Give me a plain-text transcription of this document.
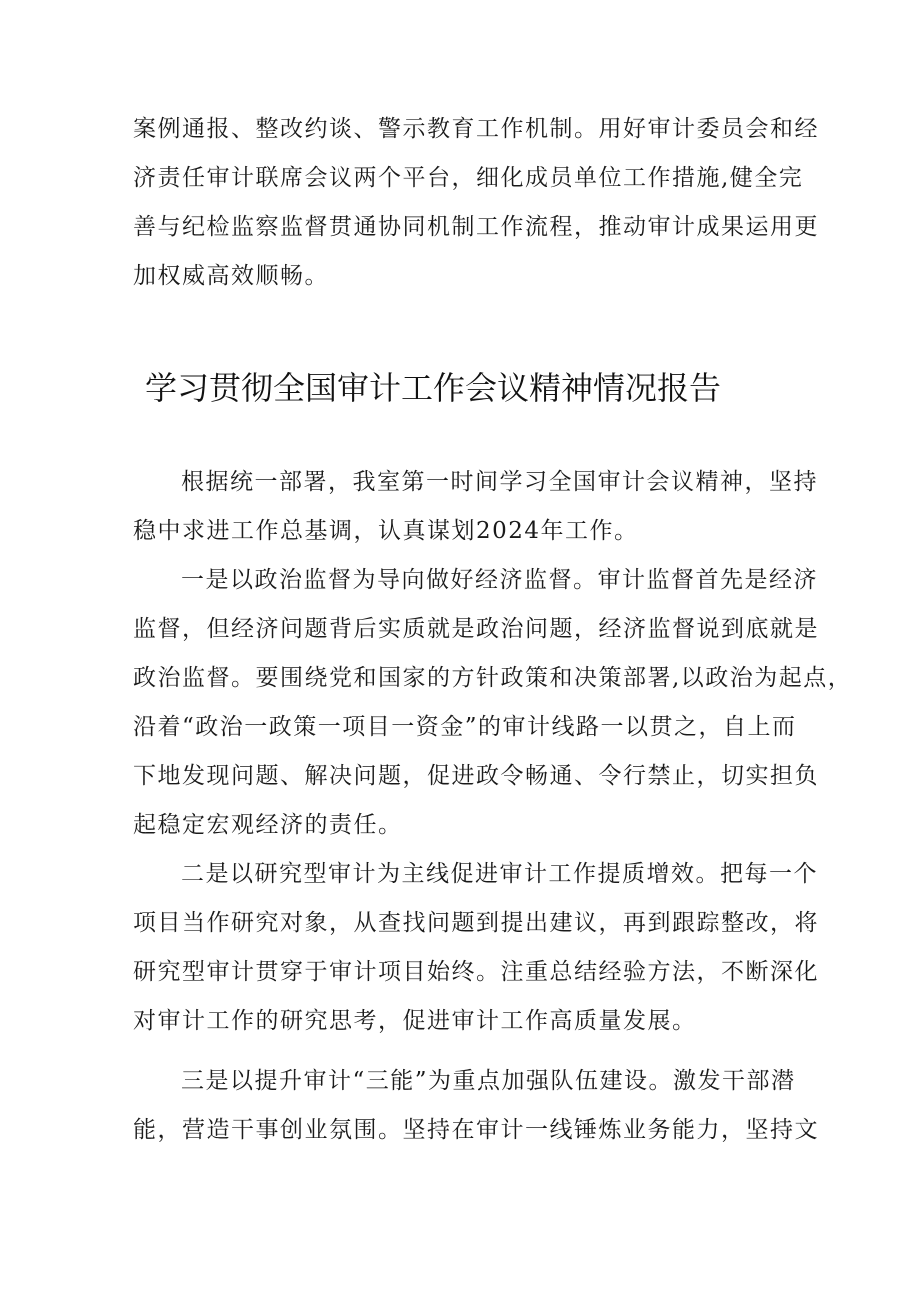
案例通报、整改约谈、警示教育工作机制。用好审计委员会和经
济责任审计联席会议两个平台，细化成员单位工作措施,健全完
善与纪检监察监督贯通协同机制工作流程，推动审计成果运用更
加权威高效顺畅。
学习贯彻全国审计工作会议精神情况报告
根据统一部署，我室第一时间学习全国审计会议精神，坚持
稳中求进工作总基调，认真谋划2024年工作。
一是以政治监督为导向做好经济监督。审计监督首先是经济
监督，但经济问题背后实质就是政治问题，经济监督说到底就是
政治监督。要围绕党和国家的方针政策和决策部署,以政治为起点，
沿着“政治一政策一项目一资金”的审计线路一以贯之，自上而
下地发现问题、解决问题，促进政令畅通、令行禁止，切实担负
起稳定宏观经济的责任。
二是以研究型审计为主线促进审计工作提质增效。把每一个
项目当作研究对象，从查找问题到提出建议，再到跟踪整改，将
研究型审计贯穿于审计项目始终。注重总结经验方法，不断深化
对审计工作的研究思考，促进审计工作高质量发展。
三是以提升审计“三能”为重点加强队伍建设。激发干部潜
能，营造干事创业氛围。坚持在审计一线锤炼业务能力，坚持文
